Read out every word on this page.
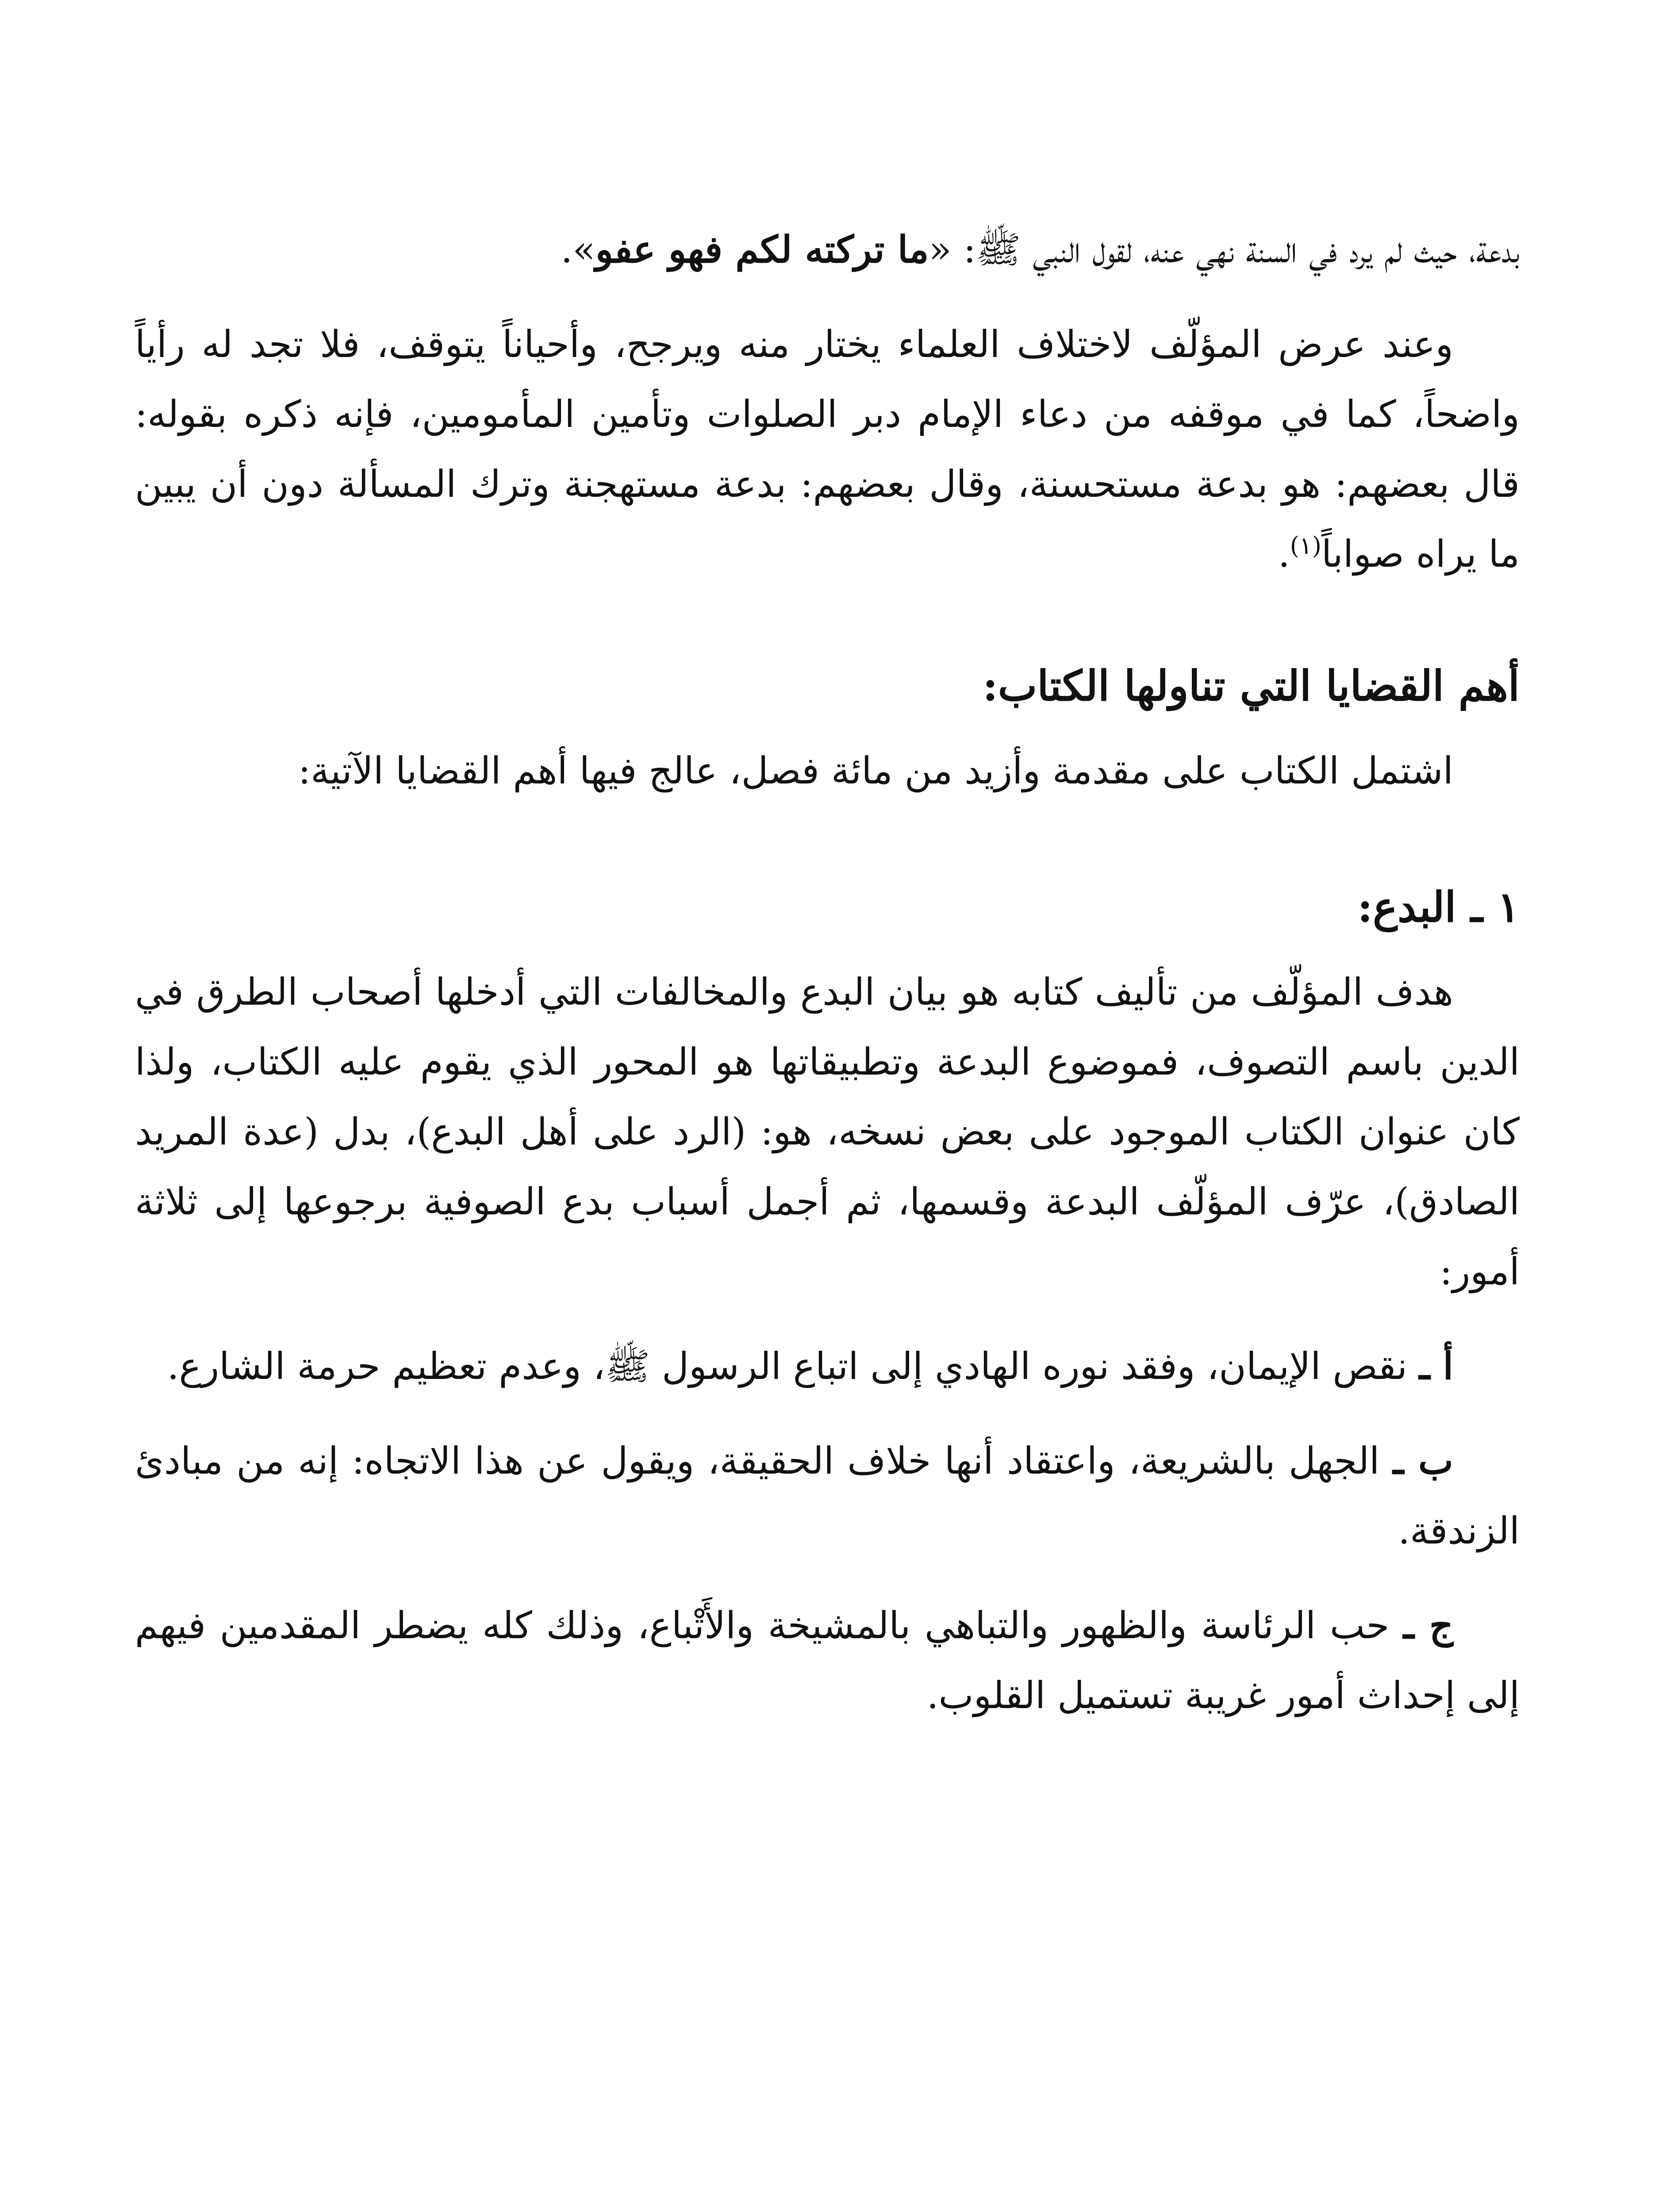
بدعة، حيث لم يرد في السنة نهي عنه، لقول النبي ﷺ: «ما تركته لكم فهو عفو».

وعند عرض المؤلّف لاختلاف العلماء يختار منه ويرجح، وأحياناً يتوقف، فلا تجد له رأياً واضحاً، كما في موقفه من دعاء الإمام دبر الصلوات وتأمين المأمومين، فإنه ذكره بقوله: قال بعضهم: هو بدعة مستحسنة، وقال بعضهم: بدعة مستهجنة وترك المسألة دون أن يبين ما يراه صواباً$^{(١)}$.

أهم القضايا التي تناولها الكتاب:

اشتمل الكتاب على مقدمة وأزيد من مائة فصل، عالج فيها أهم القضايا الآتية:

١ ـ البدع:

هدف المؤلّف من تأليف كتابه هو بيان البدع والمخالفات التي أدخلها أصحاب الطرق في الدين باسم التصوف، فموضوع البدعة وتطبيقاتها هو المحور الذي يقوم عليه الكتاب، ولذا كان عنوان الكتاب الموجود على بعض نسخه، هو: (الرد على أهل البدع)، بدل (عدة المريد الصادق)، عرّف المؤلّف البدعة وقسمها، ثم أجمل أسباب بدع الصوفية برجوعها إلى ثلاثة أمور:

أ ـ نقص الإيمان، وفقد نوره الهادي إلى اتباع الرسول ﷺ، وعدم تعظيم حرمة الشارع.

ب ـ الجهل بالشريعة، واعتقاد أنها خلاف الحقيقة، ويقول عن هذا الاتجاه: إنه من مبادئ الزندقة.

ج ـ حب الرئاسة والظهور والتباهي بالمشيخة والأَتْباع، وذلك كله يضطر المقدمين فيهم إلى إحداث أمور غريبة تستميل القلوب.
